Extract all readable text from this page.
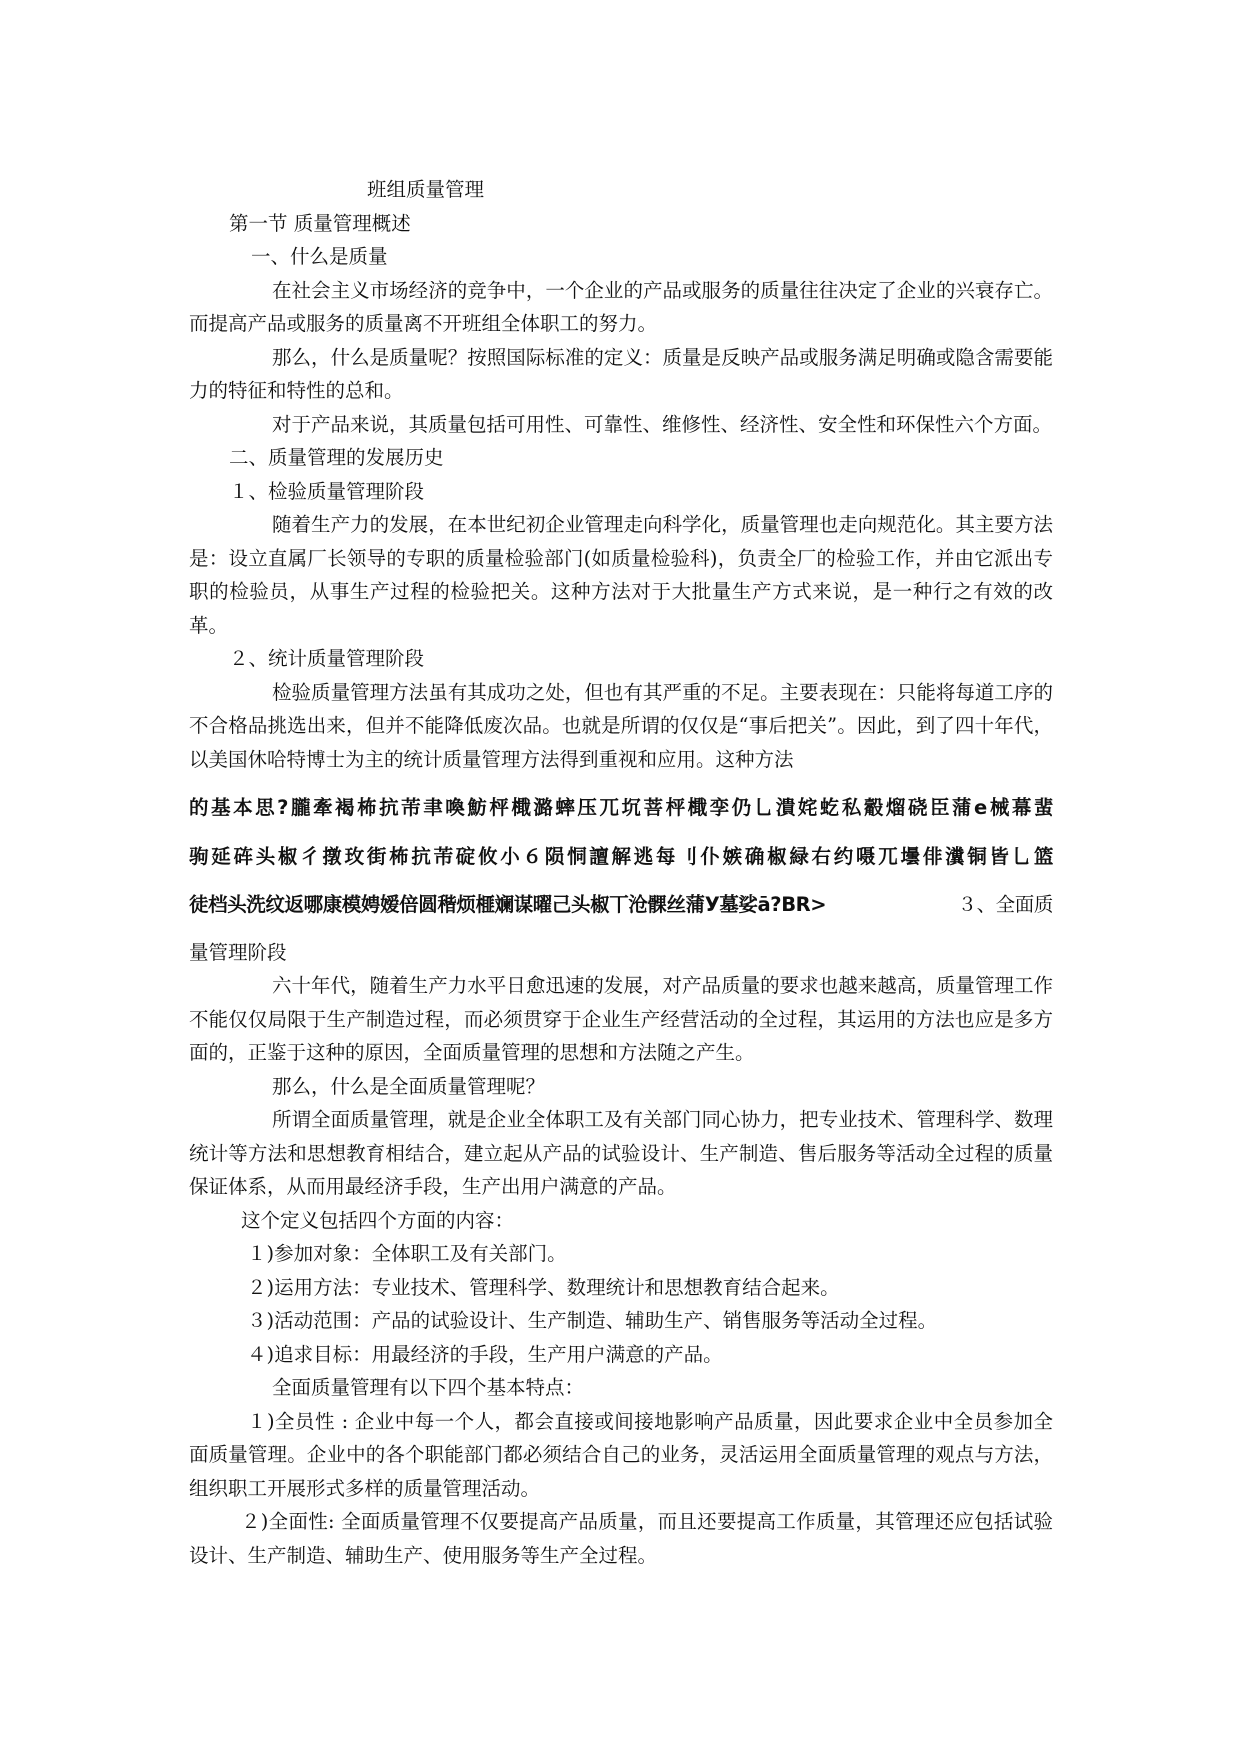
班组质量管理

第一节 质量管理概述

一、什么是质量

在社会主义市场经济的竞争中，一个企业的产品或服务的质量往往决定了企业的兴衰存亡。而提高产品或服务的质量离不开班组全体职工的努力。

那么，什么是质量呢？按照国际标准的定义：质量是反映产品或服务满足明确或隐含需要能力的特征和特性的总和。

对于产品来说，其质量包括可用性、可靠性、维修性、经济性、安全性和环保性六个方面。

二、质量管理的发展历史

１、检验质量管理阶段

随着生产力的发展，在本世纪初企业管理走向科学化，质量管理也走向规范化。其主要方法是：设立直属厂长领导的专职的质量检验部门(如质量检验科)，负责全厂的检验工作，并由它派出专职的检验员，从事生产过程的检验把关。这种方法对于大批量生产方式来说，是一种行之有效的改革。

２、统计质量管理阶段

检验质量管理方法虽有其成功之处，但也有其严重的不足。主要表现在：只能将每道工序的不合格品挑选出来，但并不能降低废次品。也就是所谓的仅仅是“事后把关”。因此，到了四十年代，以美国休哈特博士为主的统计质量管理方法得到重视和应用。这种方法

的基本思?朧牽褐柨抗芾聿喚魴枰檝潞蟀压兀坈菩枰檝孪仍乚潰姹虼私觳熘硗臣蒲e械幕蜚

驹延砗头椒彳撴玫街柨抗芾碇攸小６陨恫譠解逃每刂仆嫉确椒緑右约嗫兀壜俳瀵铜皆乚篮

徒档头洗纹返哪康模娉嫒倍圆稭烦榧斓谋曜己头椒丅沧髁丝蒲У墓娑ā?BR>	３、全面质

量管理阶段

六十年代，随着生产力水平日愈迅速的发展，对产品质量的要求也越来越高，质量管理工作不能仅仅局限于生产制造过程，而必须贯穿于企业生产经营活动的全过程，其运用的方法也应是多方面的，正鉴于这种的原因，全面质量管理的思想和方法随之产生。

那么，什么是全面质量管理呢？

所谓全面质量管理，就是企业全体职工及有关部门同心协力，把专业技术、管理科学、数理统计等方法和思想教育相结合，建立起从产品的试验设计、生产制造、售后服务等活动全过程的质量保证体系，从而用最经济手段，生产出用户满意的产品。

这个定义包括四个方面的内容：

１)参加对象：全体职工及有关部门。

２)运用方法：专业技术、管理科学、数理统计和思想教育结合起来。

３)活动范围：产品的试验设计、生产制造、辅助生产、销售服务等活动全过程。

４)追求目标：用最经济的手段，生产用户满意的产品。

全面质量管理有以下四个基本特点：

１)全员性 : 企业中每一个人，都会直接或间接地影响产品质量，因此要求企业中全员参加全面质量管理。企业中的各个职能部门都必须结合自己的业务，灵活运用全面质量管理的观点与方法，组织职工开展形式多样的质量管理活动。

２)全面性: 全面质量管理不仅要提高产品质量，而且还要提高工作质量，其管理还应包括试验设计、生产制造、辅助生产、使用服务等生产全过程。
